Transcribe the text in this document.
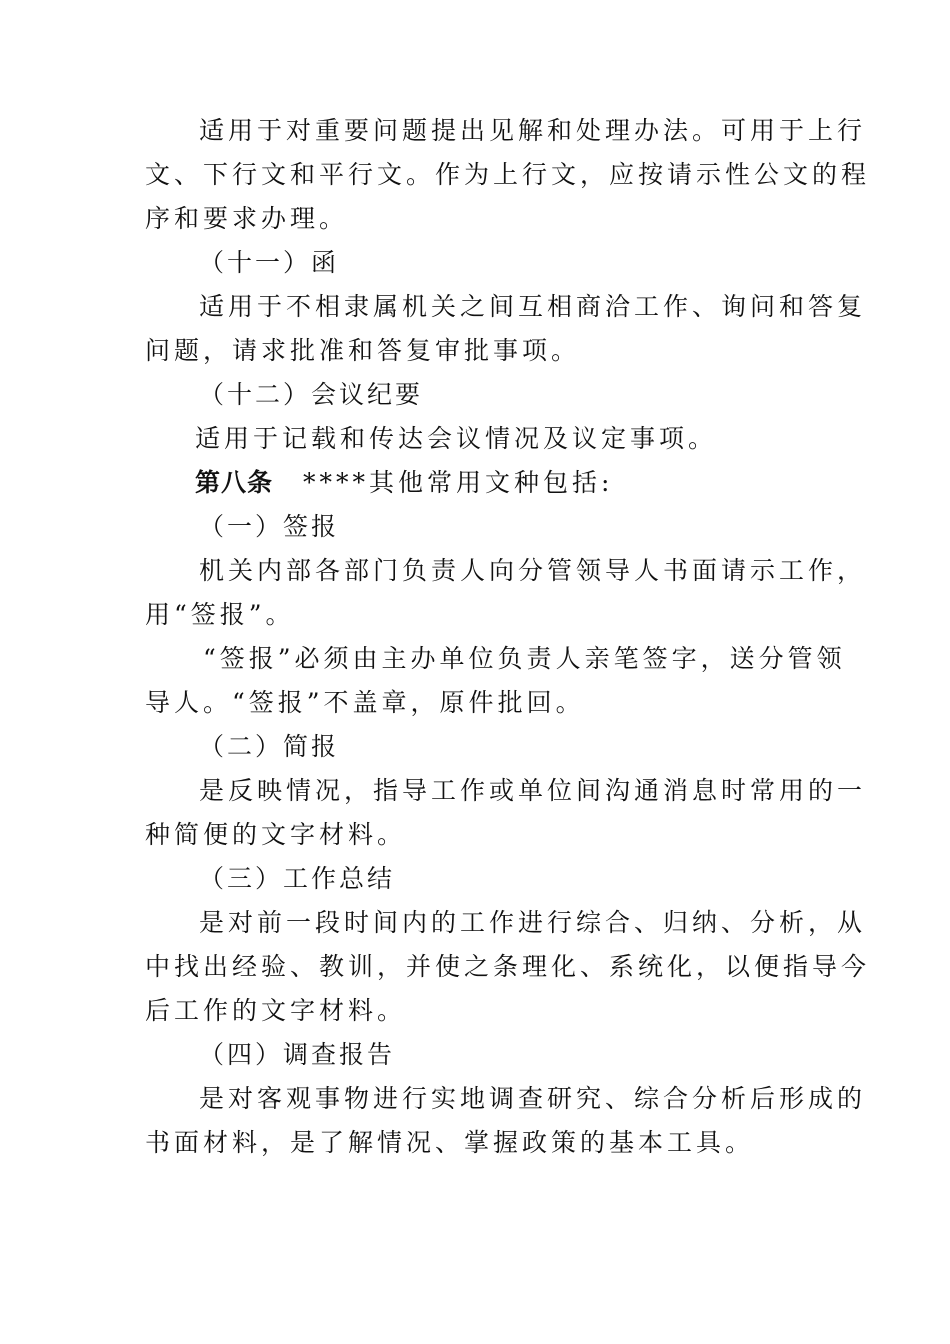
适用于对重要问题提出见解和处理办法。可用于上行
文、下行文和平行文。作为上行文，应按请示性公文的程
序和要求办理。
（十一）函
适用于不相隶属机关之间互相商洽工作、询问和答复
问题，请求批准和答复审批事项。
（十二）会议纪要
适用于记载和传达会议情况及议定事项。
第八条 ****其他常用文种包括:
（一）签报
机关内部各部门负责人向分管领导人书面请示工作，
用“签报”。
“签报”必须由主办单位负责人亲笔签字，送分管领
导人。“签报”不盖章，原件批回。
（二）简报
是反映情况，指导工作或单位间沟通消息时常用的一
种简便的文字材料。
（三）工作总结
是对前一段时间内的工作进行综合、归纳、分析，从
中找出经验、教训，并使之条理化、系统化，以便指导今
后工作的文字材料。
（四）调查报告
是对客观事物进行实地调查研究、综合分析后形成的
书面材料，是了解情况、掌握政策的基本工具。
